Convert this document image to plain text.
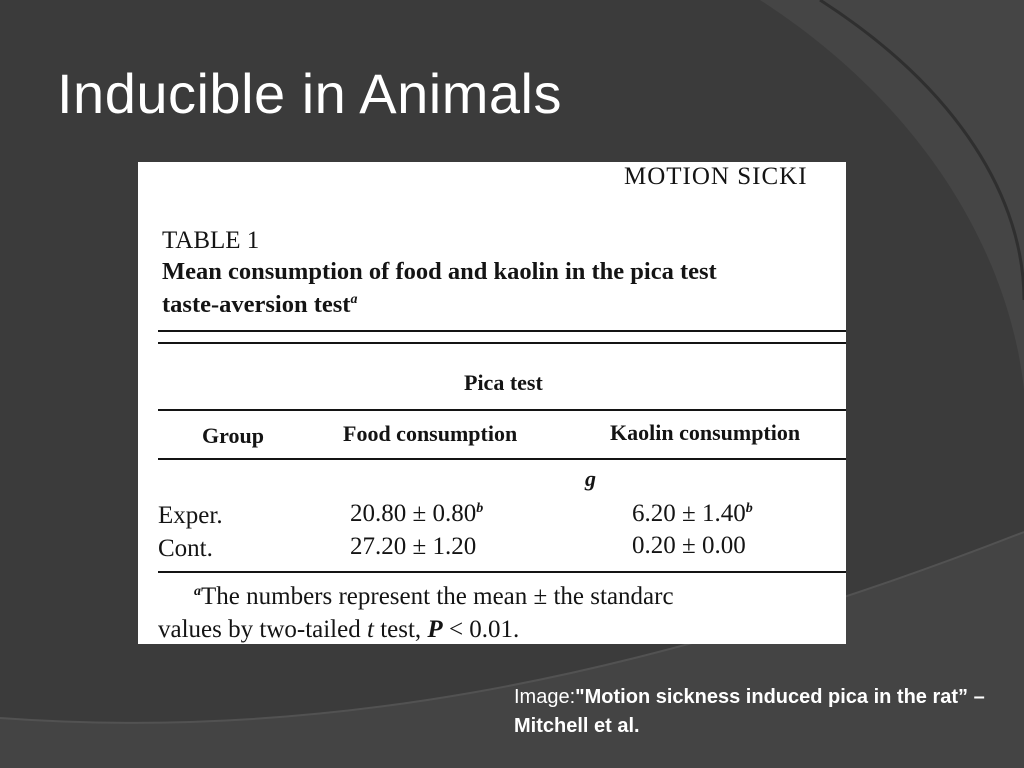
Inducible in Animals
MOTION SICKI
TABLE 1
Mean consumption of food and kaolin in the pica test
taste-aversion test$^a$
Pica test
Group	Food consumption	Kaolin consumption
g
Exper.	20.80 ± 0.80$^b$	6.20 ± 1.40$^b$
Cont.	27.20 ± 1.20	0.20 ± 0.00
$^a$The numbers represent the mean ± the standarc
values by two-tailed t test, P < 0.01.
Image:"Motion sickness induced pica in the rat” –Mitchell et al.
